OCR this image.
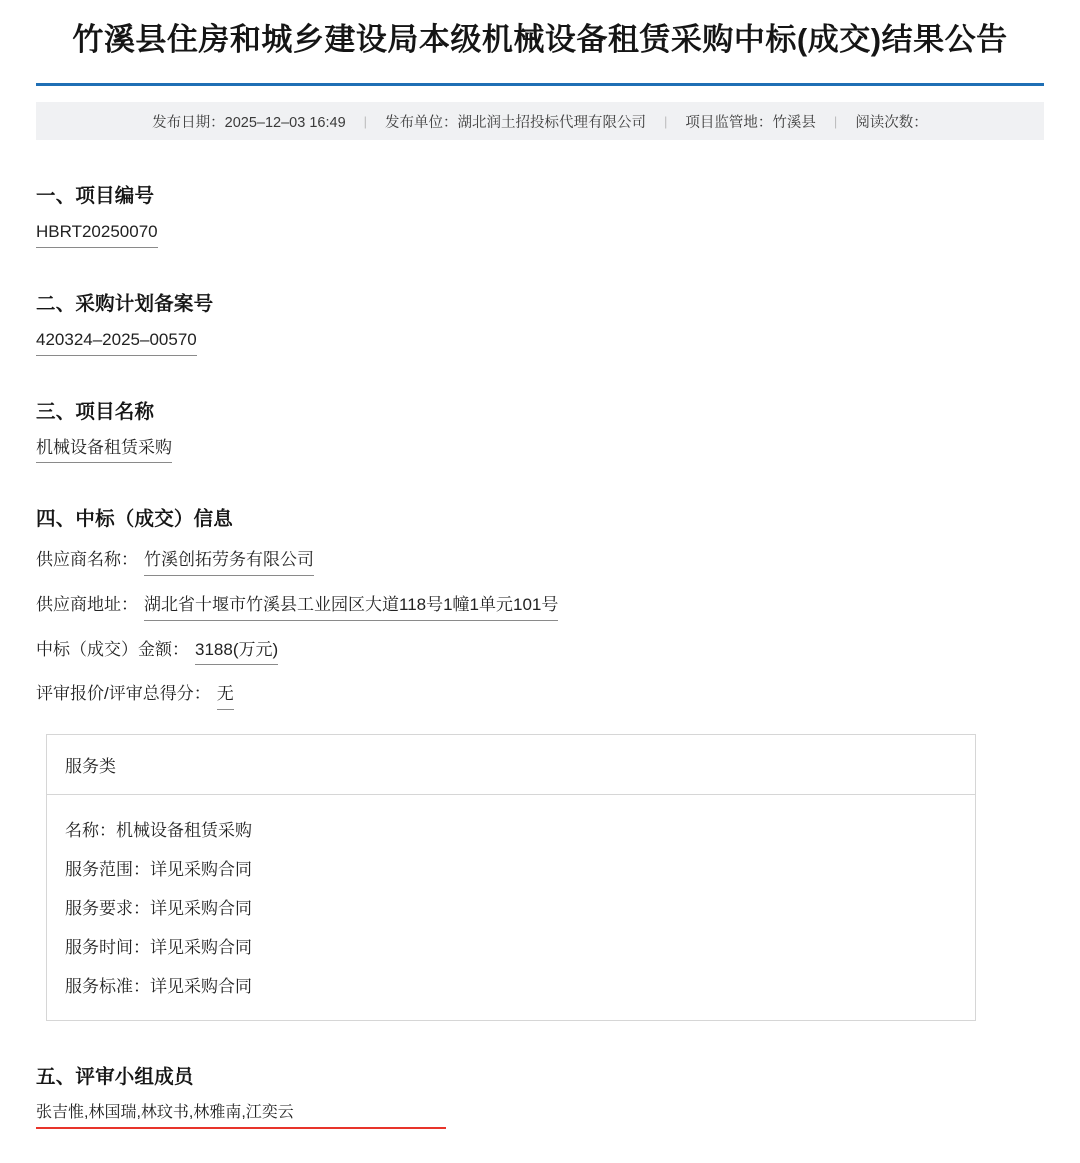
竹溪县住房和城乡建设局本级机械设备租赁采购中标(成交)结果公告
发布日期：2025–12–03 16:49	|	发布单位：湖北润土招投标代理有限公司	|	项目监管地：竹溪县	|	阅读次数：
一、项目编号
HBRT20250070
二、采购计划备案号
420324–2025–00570
三、项目名称
机械设备租赁采购
四、中标（成交）信息
供应商名称： 竹溪创拓劳务有限公司
供应商地址： 湖北省十堰市竹溪县工业园区大道118号1幢1单元101号
中标（成交）金额： 3188(万元)
评审报价/评审总得分： 无
服务类
名称：机械设备租赁采购
服务范围：详见采购合同
服务要求：详见采购合同
服务时间：详见采购合同
服务标准：详见采购合同
五、评审小组成员
张吉惟,林国瑞,林玟书,林雅南,江奕云
